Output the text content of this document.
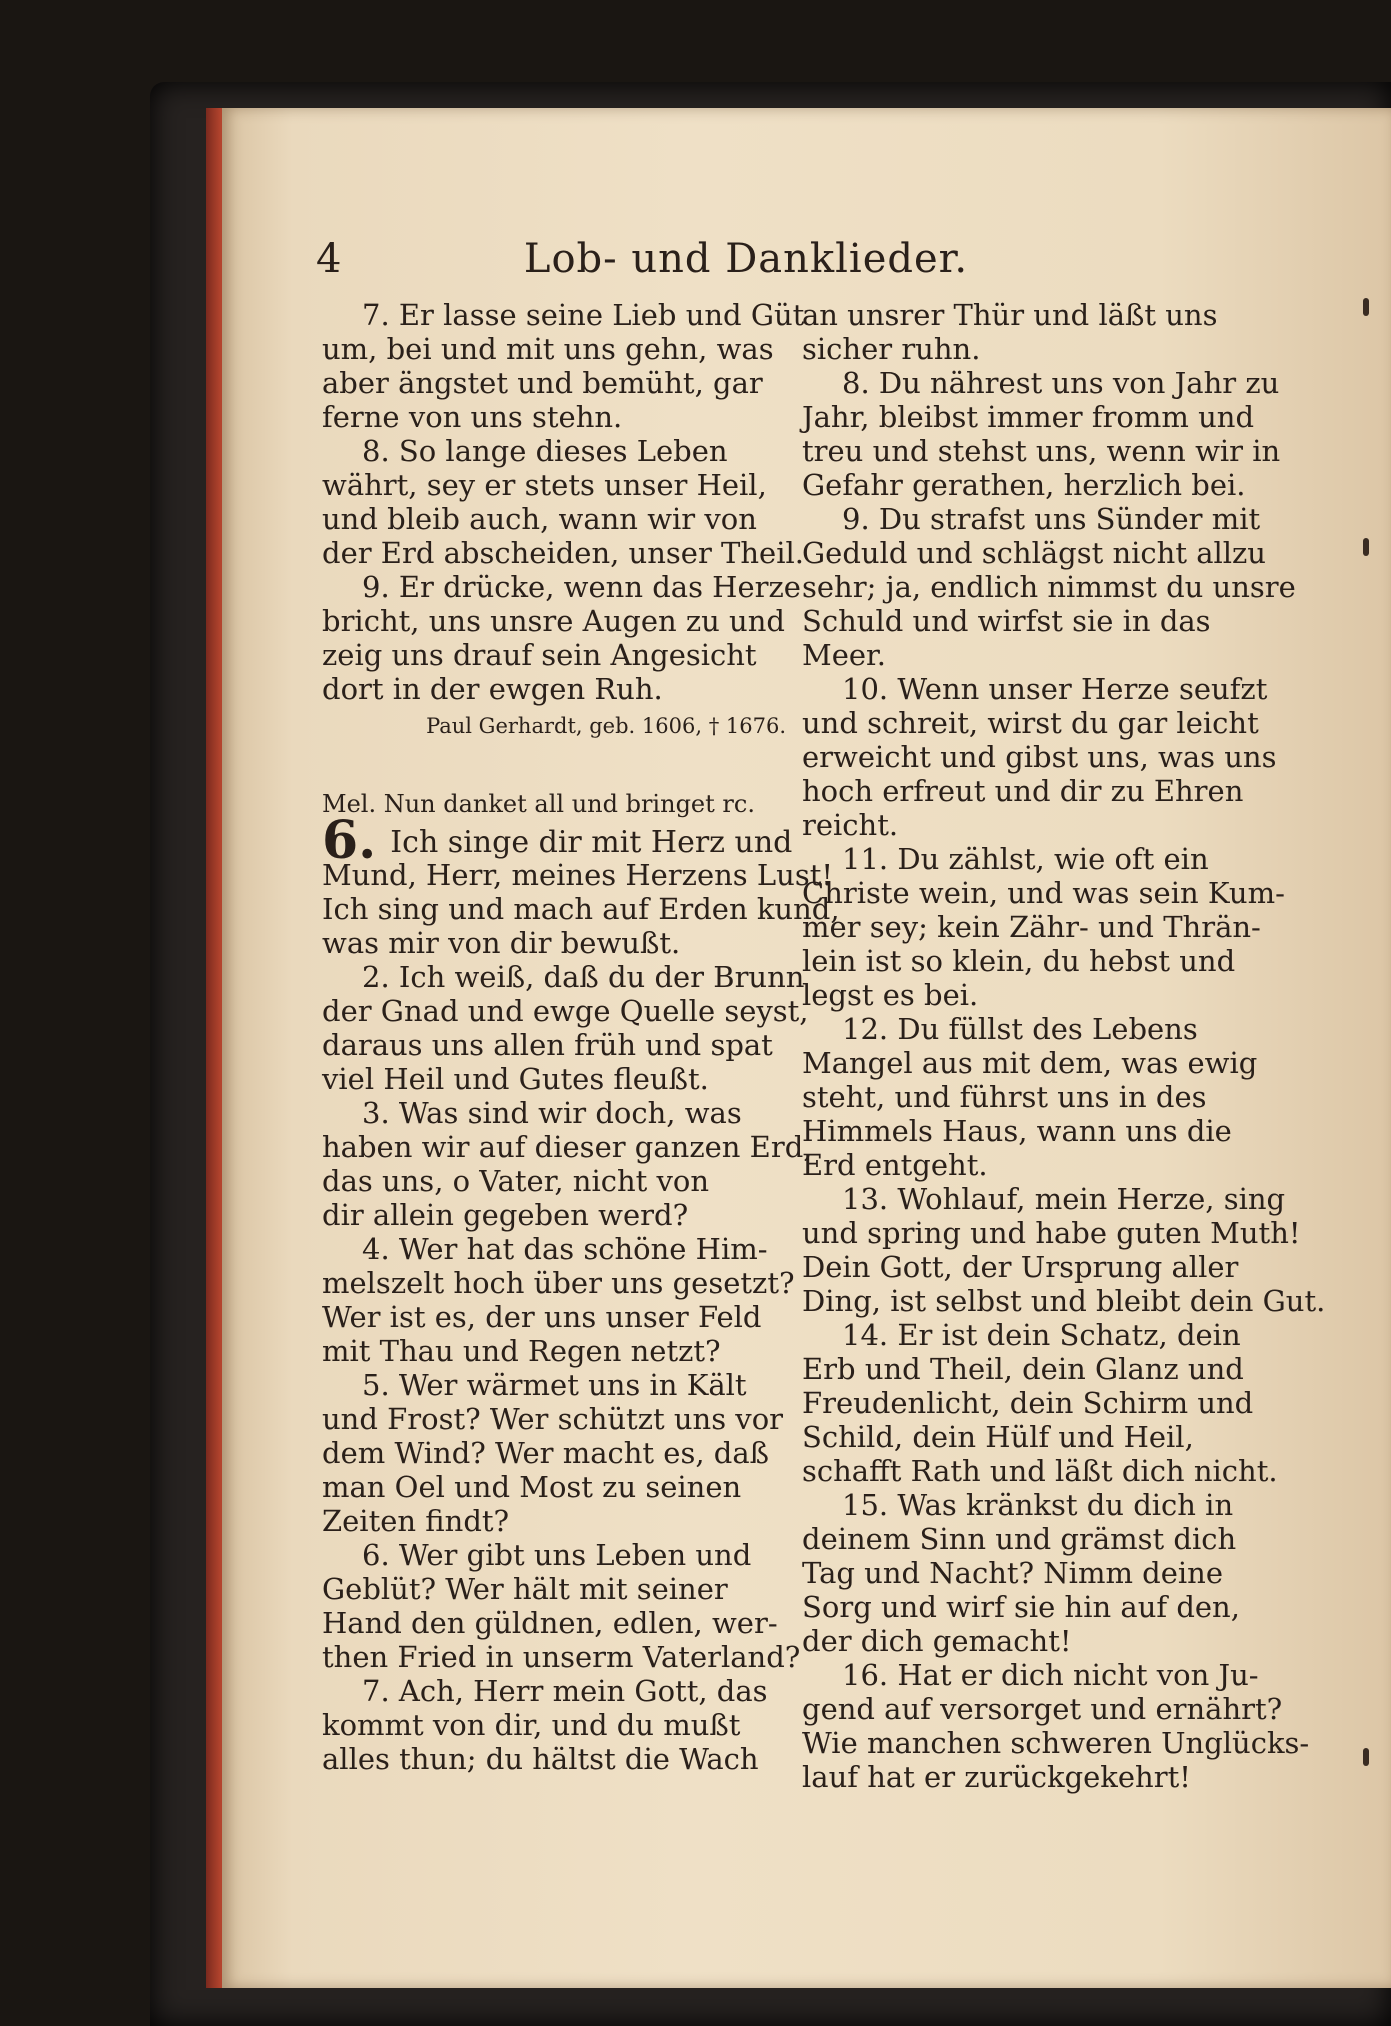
4	Lob- und Danklieder.
7. Er lasse seine Lieb und Güt
um, bei und mit uns gehn, was
aber ängstet und bemüht, gar
ferne von uns stehn.
8. So lange dieses Leben
währt, sey er stets unser Heil,
und bleib auch, wann wir von
der Erd abscheiden, unser Theil.
9. Er drücke, wenn das Herze
bricht, uns unsre Augen zu und
zeig uns drauf sein Angesicht
dort in der ewgen Ruh.
Paul Gerhardt, geb. 1606, † 1676.
Mel. Nun danket all und bringet rc.
6. Ich singe dir mit Herz und
Mund, Herr, meines Herzens Lust!
Ich sing und mach auf Erden kund,
was mir von dir bewußt.
2. Ich weiß, daß du der Brunn
der Gnad und ewge Quelle seyst,
daraus uns allen früh und spat
viel Heil und Gutes fleußt.
3. Was sind wir doch, was
haben wir auf dieser ganzen Erd,
das uns, o Vater, nicht von
dir allein gegeben werd?
4. Wer hat das schöne Him-
melszelt hoch über uns gesetzt?
Wer ist es, der uns unser Feld
mit Thau und Regen netzt?
5. Wer wärmet uns in Kält
und Frost? Wer schützt uns vor
dem Wind? Wer macht es, daß
man Oel und Most zu seinen
Zeiten findt?
6. Wer gibt uns Leben und
Geblüt? Wer hält mit seiner
Hand den güldnen, edlen, wer-
then Fried in unserm Vaterland?
7. Ach, Herr mein Gott, das
kommt von dir, und du mußt
alles thun; du hältst die Wach
an unsrer Thür und läßt uns
sicher ruhn.
8. Du nährest uns von Jahr zu
Jahr, bleibst immer fromm und
treu und stehst uns, wenn wir in
Gefahr gerathen, herzlich bei.
9. Du strafst uns Sünder mit
Geduld und schlägst nicht allzu
sehr; ja, endlich nimmst du unsre
Schuld und wirfst sie in das
Meer.
10. Wenn unser Herze seufzt
und schreit, wirst du gar leicht
erweicht und gibst uns, was uns
hoch erfreut und dir zu Ehren
reicht.
11. Du zählst, wie oft ein
Christe wein, und was sein Kum-
mer sey; kein Zähr- und Thrän-
lein ist so klein, du hebst und
legst es bei.
12. Du füllst des Lebens
Mangel aus mit dem, was ewig
steht, und führst uns in des
Himmels Haus, wann uns die
Erd entgeht.
13. Wohlauf, mein Herze, sing
und spring und habe guten Muth!
Dein Gott, der Ursprung aller
Ding, ist selbst und bleibt dein Gut.
14. Er ist dein Schatz, dein
Erb und Theil, dein Glanz und
Freudenlicht, dein Schirm und
Schild, dein Hülf und Heil,
schafft Rath und läßt dich nicht.
15. Was kränkst du dich in
deinem Sinn und grämst dich
Tag und Nacht? Nimm deine
Sorg und wirf sie hin auf den,
der dich gemacht!
16. Hat er dich nicht von Ju-
gend auf versorget und ernährt?
Wie manchen schweren Unglücks-
lauf hat er zurückgekehrt!
